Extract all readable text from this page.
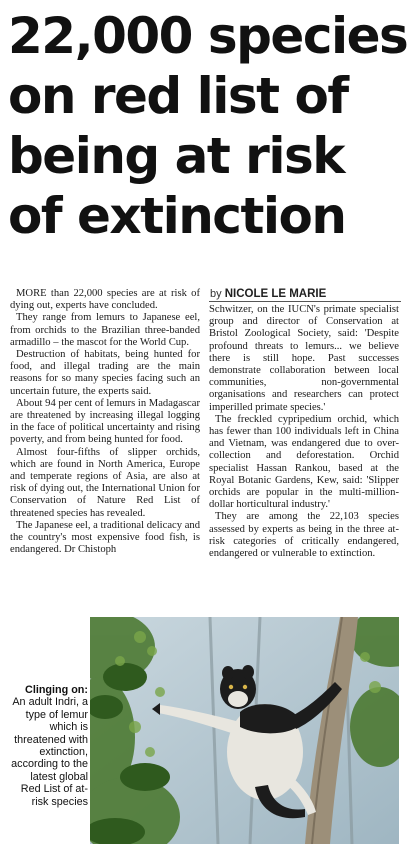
22,000 species
on red list of
being at risk
of extinction
by NICOLE LE MARIE

MORE than 22,000 species are at risk of dying out, experts have concluded.

They range from lemurs to Japanese eel, from orchids to the Brazilian three-banded armadillo – the mascot for the World Cup.

Destruction of habitats, being hunted for food, and illegal trading are the main reasons for so many species facing such an uncertain future, the experts said.

About 94 per cent of lemurs in Madagascar are threatened by increasing illegal logging in the face of political uncertainty and rising poverty, and from being hunted for food.

Almost four-fifths of slipper orchids, which are found in North America, Europe and temperate regions of Asia, are also at risk of dying out, the International Union for Conservation of Nature Red List of threatened species has revealed.

The Japanese eel, a traditional delicacy and the country's most expensive food fish, is endangered. Dr Chistoph

Schwitzer, on the IUCN's primate specialist group and director of Conservation at Bristol Zoological Society, said: 'Despite profound threats to lemurs... we believe there is still hope. Past successes demonstrate collaboration between local communities, non-governmental organisations and researchers can protect imperilled primate species.'

The freckled cypripedium orchid, which has fewer than 100 individuals left in China and Vietnam, was endangered due to over-collection and deforestation. Orchid specialist Hassan Rankou, based at the Royal Botanic Gardens, Kew, said: 'Slipper orchids are popular in the multi-million-dollar horticultural industry.'

They are among the 22,103 species assessed by experts as being in the three at-risk categories of critically endangered, endangered or vulnerable to extinction.

Clinging on:
An adult Indri, a type of lemur which is threatened with extinction, according to the latest global Red List of at-risk species
